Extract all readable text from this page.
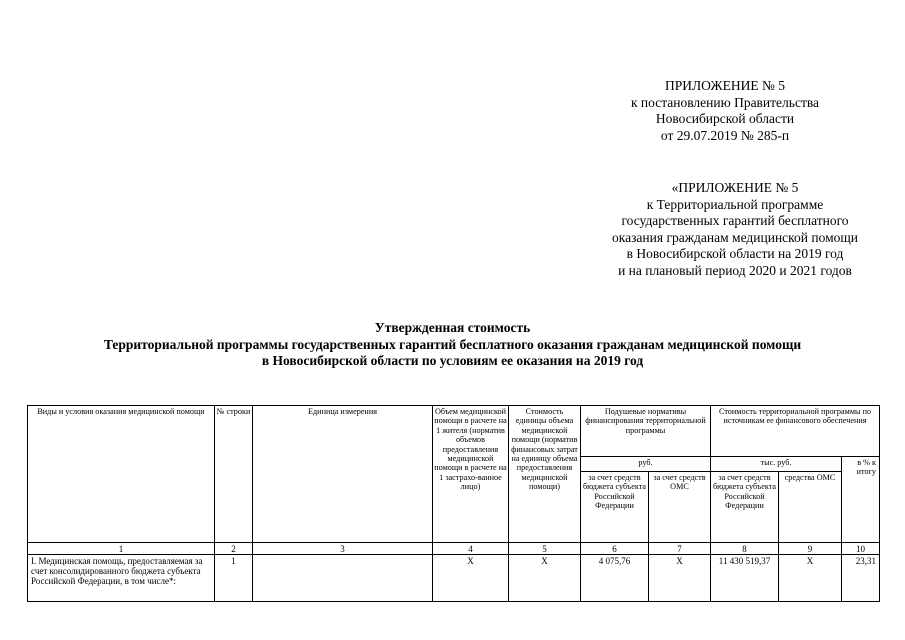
ПРИЛОЖЕНИЕ № 5
к постановлению Правительства
Новосибирской области
от 29.07.2019 № 285-п
«ПРИЛОЖЕНИЕ № 5
к Территориальной программе
государственных гарантий бесплатного
оказания гражданам медицинской помощи
в Новосибирской области на 2019 год
и на плановый период 2020 и 2021 годов
Утвержденная стоимость
Территориальной программы государственных гарантий бесплатного оказания гражданам медицинской помощи
в Новосибирской области по условиям ее оказания на 2019 год
Виды и условия оказания медицинской помощи	№ строки	Единица измерения	Объем медицинской помощи в расчете на 1 жителя (норматив объемов предоставления медицинской помощи в расчете на 1 застрахо-ванное лицо)	Стоимость единицы объема медицинской помощи (норматив финансовых затрат на единицу объема предоставления медицинской помощи)	Подушевые нормативы финансирования территориальной программы		Стоимость территориальной программы по источникам ее финансового обеспечения		
					руб.		тыс. руб.		в % к итогу
					за счет средств бюджета субъекта Российской Федерации	за счет средств ОМС	за счет средств бюджета субъекта Российской Федерации	средства ОМС	
1	2	3	4	5	6	7	8	9	10
I. Медицинская помощь, предоставляемая за счет консолидированного бюджета субъекта Российской Федерации, в том числе*:	1		Х	Х	4 075,76	Х	11 430 519,37	Х	23,31
